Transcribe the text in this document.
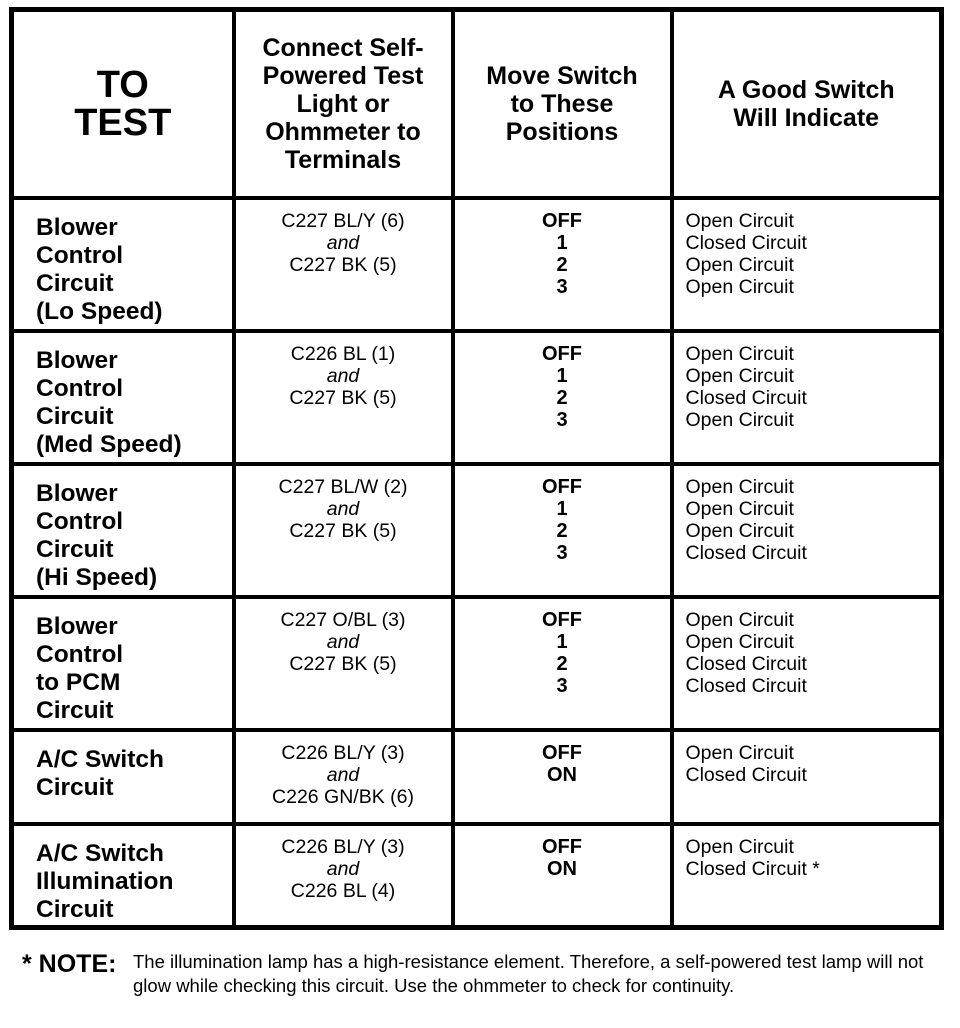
TO
TEST	Connect Self-
Powered Test
Light or
Ohmmeter to
Terminals	Move Switch
to These
Positions	A Good Switch
Will Indicate

Blower
Control
Circuit
(Lo Speed)	C227 BL/Y (6)
and
C227 BK (5)	OFF
1
2
3	Open Circuit
Closed Circuit
Open Circuit
Open Circuit

Blower
Control
Circuit
(Med Speed)	C226 BL (1)
and
C227 BK (5)	OFF
1
2
3	Open Circuit
Open Circuit
Closed Circuit
Open Circuit

Blower
Control
Circuit
(Hi Speed)	C227 BL/W (2)
and
C227 BK (5)	OFF
1
2
3	Open Circuit
Open Circuit
Open Circuit
Closed Circuit

Blower
Control
to PCM
Circuit	C227 O/BL (3)
and
C227 BK (5)	OFF
1
2
3	Open Circuit
Open Circuit
Closed Circuit
Closed Circuit

A/C Switch
Circuit	C226 BL/Y (3)
and
C226 GN/BK (6)	OFF
ON	Open Circuit
Closed Circuit

A/C Switch
Illumination
Circuit	C226 BL/Y (3)
and
C226 BL (4)	OFF
ON	Open Circuit
Closed Circuit *
* NOTE: The illumination lamp has a high-resistance element. Therefore, a self-powered test lamp will not glow while checking this circuit. Use the ohmmeter to check for continuity.
